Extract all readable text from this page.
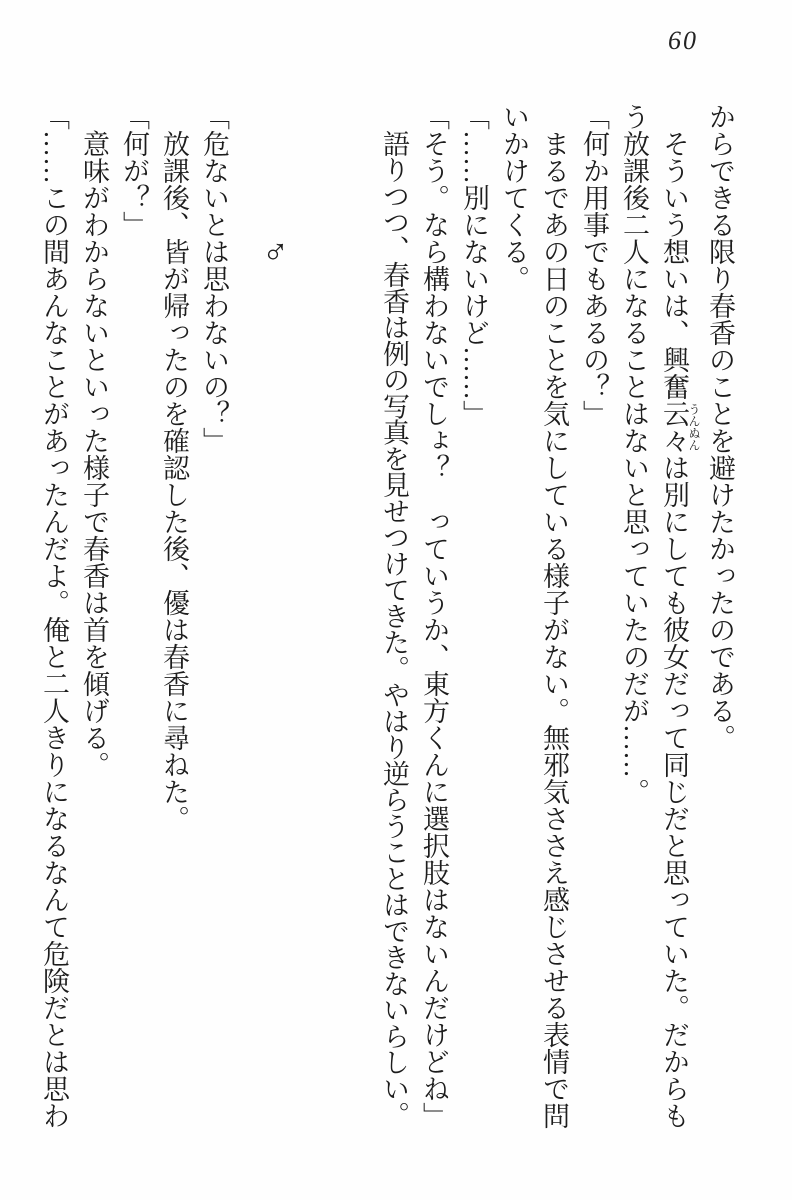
60

からできる限り春香のことを避けたかったのである。

そういう想いは、興奮云々うんぬんは別にしても彼女だって同じだと思っていた。だからもう放課後二人になることはないと思っていたのだが……。

「何か用事でもあるの？」

まるであの日のことを気にしている様子がない。無邪気ささえ感じさせる表情で問いかけてくる。

「……別にないけど……」

「そう。なら構わないでしょ？　っていうか、東方くんに選択肢はないんだけどね」

語りつつ、春香は例の写真を見せつけてきた。やはり逆らうことはできないらしい。

♂

「危ないとは思わないの？」

放課後、皆が帰ったのを確認した後、優は春香に尋ねた。

「何が？」

意味がわからないといった様子で春香は首を傾げる。

「……この間あんなことがあったんだよ。俺と二人きりになるなんて危険だとは思わ
